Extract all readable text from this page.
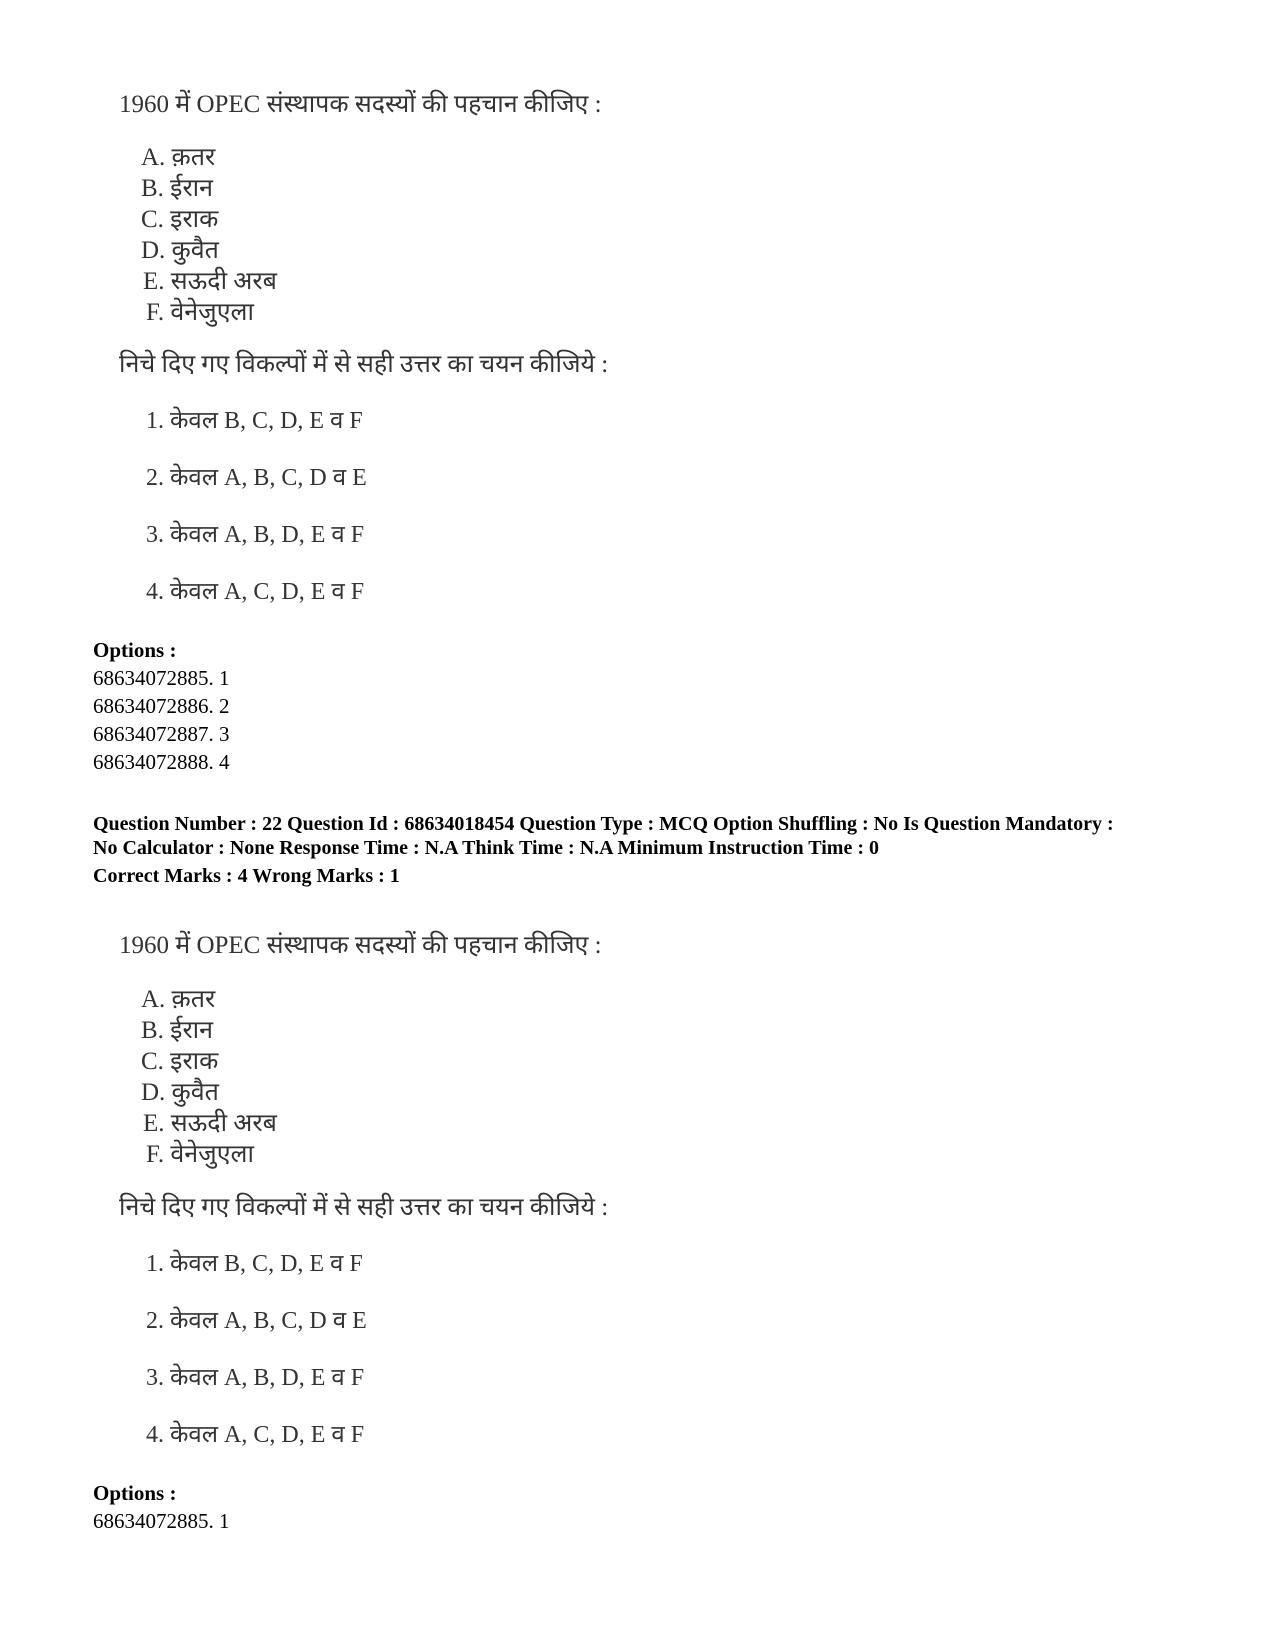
1960 में OPEC संस्थापक सदस्यों की पहचान कीजिए :
A. क़तर
B. ईरान
C. इराक
D. कुवैत
E. सऊदी अरब
F. वेनेजुएला
निचे दिए गए विकल्पों में से सही उत्तर का चयन कीजिये :
1. केवल B, C, D, E व F
2. केवल A, B, C, D व E
3. केवल A, B, D, E व F
4. केवल A, C, D, E व F
Options :
68634072885. 1
68634072886. 2
68634072887. 3
68634072888. 4
Question Number : 22 Question Id : 68634018454 Question Type : MCQ Option Shuffling : No Is Question Mandatory :
No Calculator : None Response Time : N.A Think Time : N.A Minimum Instruction Time : 0
Correct Marks : 4 Wrong Marks : 1
1960 में OPEC संस्थापक सदस्यों की पहचान कीजिए :
A. क़तर
B. ईरान
C. इराक
D. कुवैत
E. सऊदी अरब
F. वेनेजुएला
निचे दिए गए विकल्पों में से सही उत्तर का चयन कीजिये :
1. केवल B, C, D, E व F
2. केवल A, B, C, D व E
3. केवल A, B, D, E व F
4. केवल A, C, D, E व F
Options :
68634072885. 1
